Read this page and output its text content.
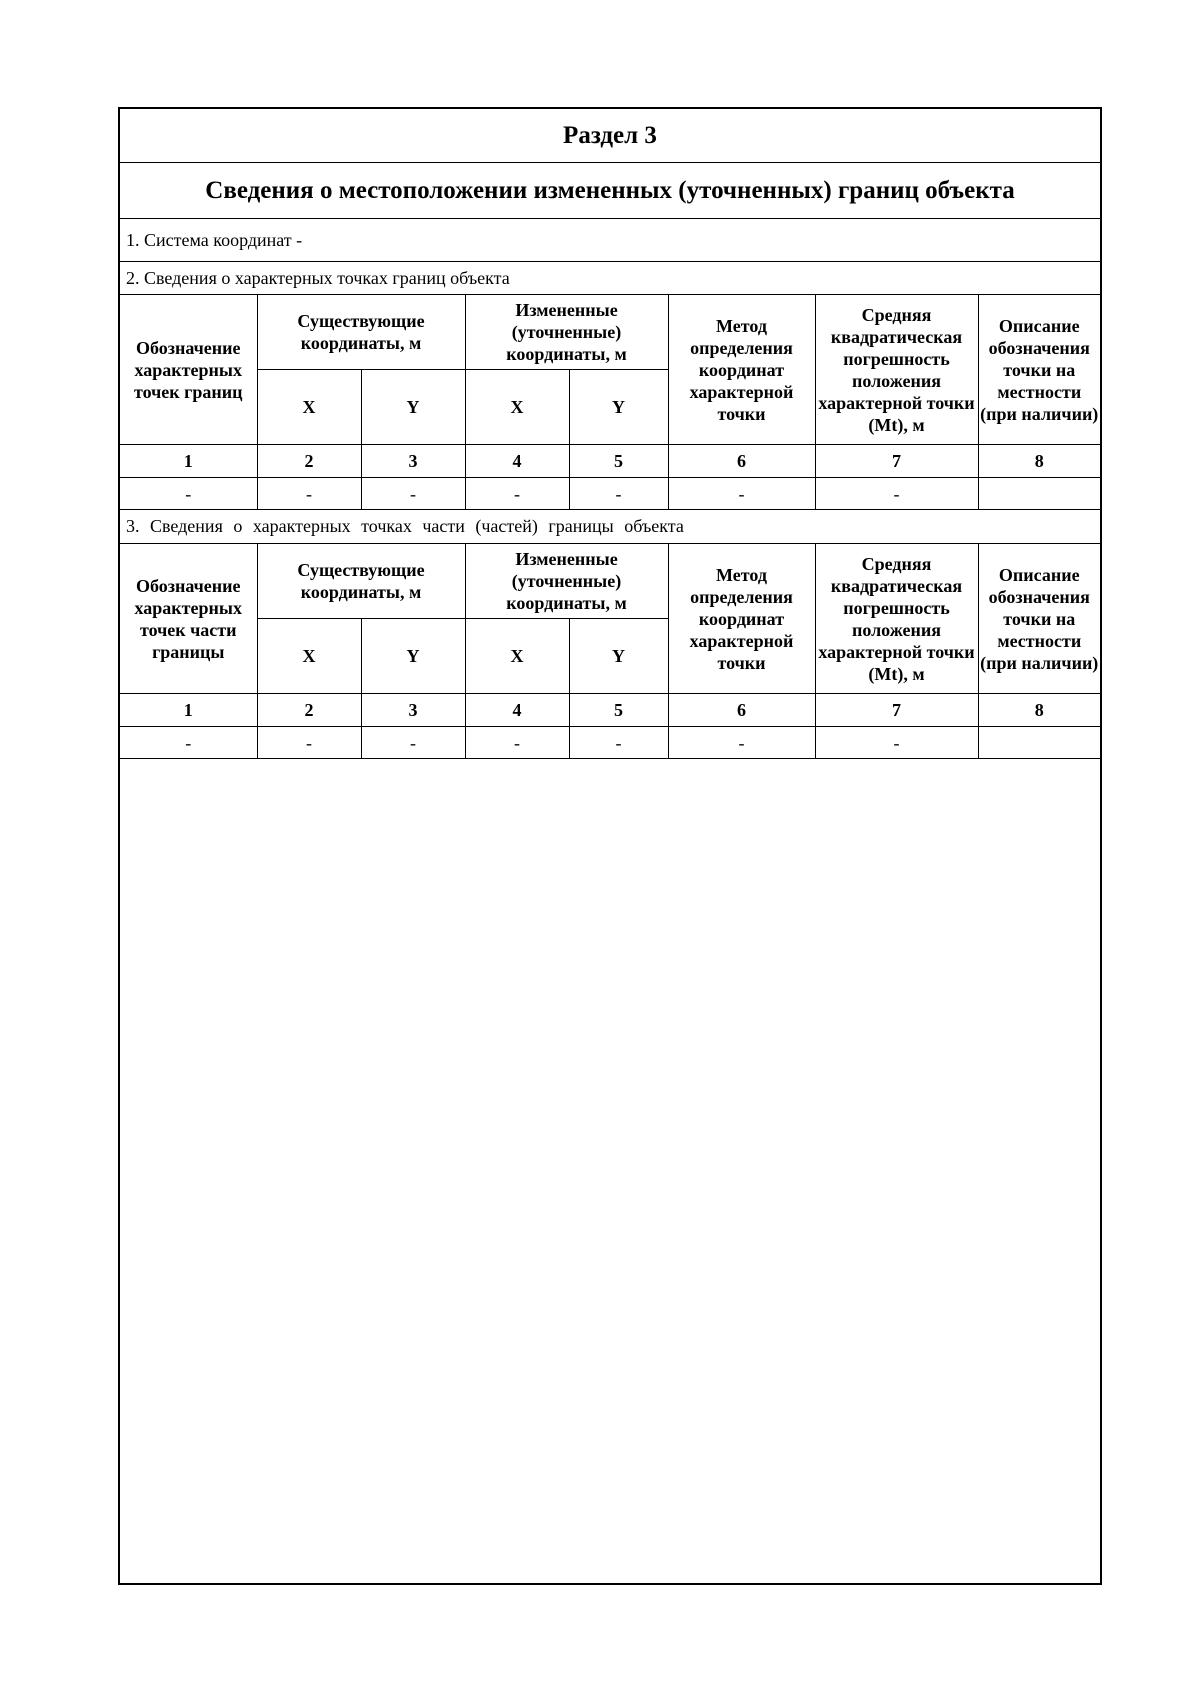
Раздел 3
Сведения о местоположении измененных (уточненных) границ объекта
1. Система координат -
2. Сведения о характерных точках границ объекта
Обозначение характерных точек границ	Существующие координаты, м		Измененные (уточненные) координаты, м		Метод определения координат характерной точки	Средняя квадратическая погрешность положения характерной точки (Mt), м	Описание обозначения точки на местности (при наличии)
	X	Y	X	Y			
1	2	3	4	5	6	7	8
-	-	-	-	-	-	-	
3. Сведения о характерных точках части (частей) границы объекта
Обозначение характерных точек части границы	Существующие координаты, м		Измененные (уточненные) координаты, м		Метод определения координат характерной точки	Средняя квадратическая погрешность положения характерной точки (Mt), м	Описание обозначения точки на местности (при наличии)
	X	Y	X	Y			
1	2	3	4	5	6	7	8
-	-	-	-	-	-	-	
